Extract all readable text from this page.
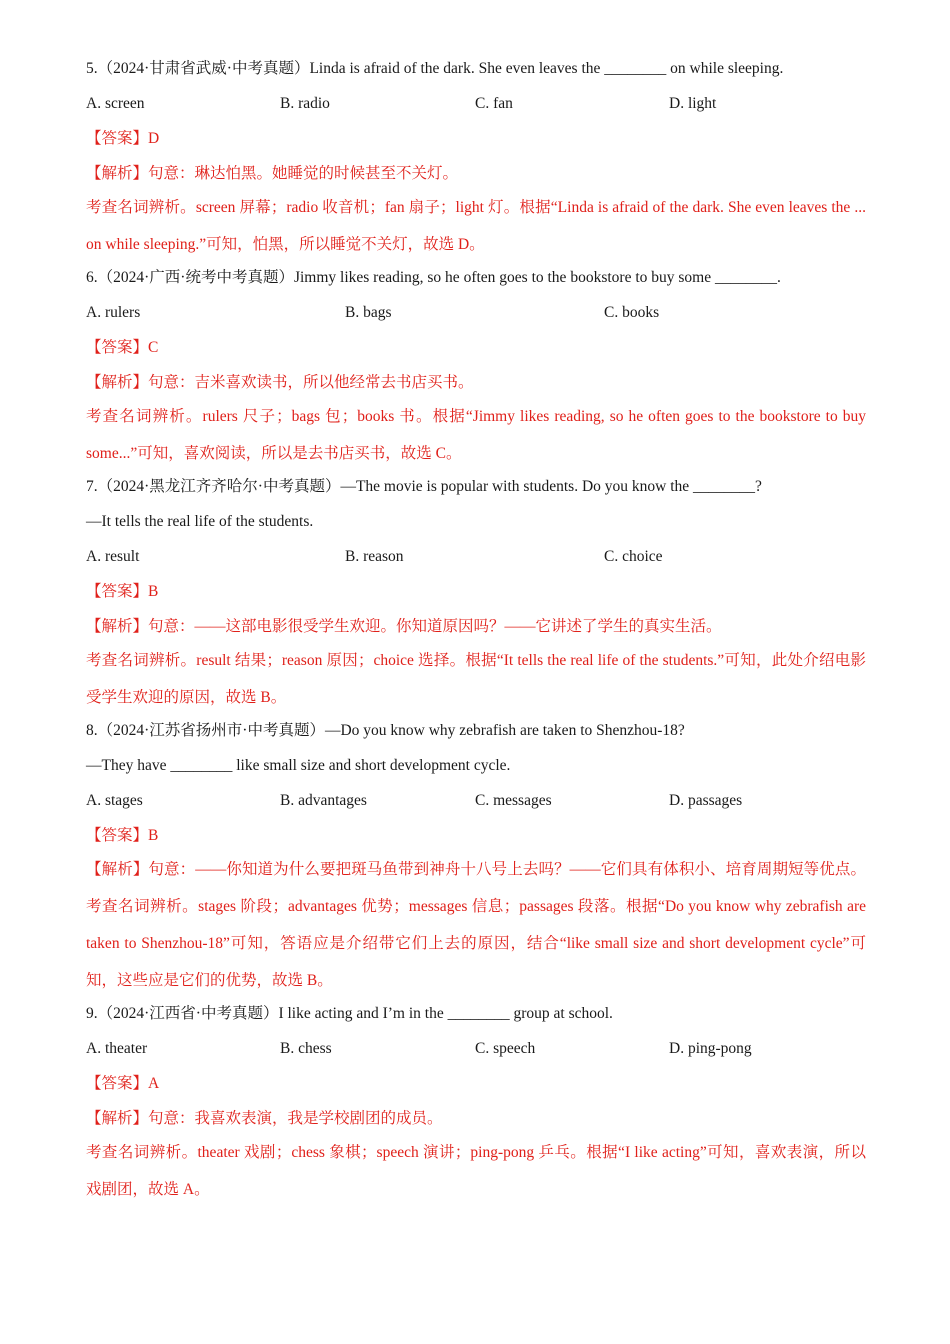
5.（2024·甘肃省武威·中考真题）Linda is afraid of the dark. She even leaves the ________ on while sleeping.
A. screen	B. radio	C. fan	D. light
【答案】D

【解析】句意：琳达怕黑。她睡觉的时候甚至不关灯。

考查名词辨析。screen 屏幕；radio 收音机；fan 扇子；light 灯。根据“Linda is afraid of the dark. She even leaves the ... on while sleeping.”可知，怕黑，所以睡觉不关灯，故选 D。

6.（2024·广西·统考中考真题）Jimmy likes reading, so he often goes to the bookstore to buy some ________.
A. rulers	B. bags	C. books
【答案】C

【解析】句意：吉米喜欢读书，所以他经常去书店买书。

考查名词辨析。rulers 尺子；bags 包；books 书。根据“Jimmy likes reading, so he often goes to the bookstore to buy some...”可知，喜欢阅读，所以是去书店买书，故选 C。

7.（2024·黑龙江齐齐哈尔·中考真题）—The movie is popular with students. Do you know the ________?
—It tells the real life of the students.
A. result	B. reason	C. choice
【答案】B

【解析】句意：——这部电影很受学生欢迎。你知道原因吗？——它讲述了学生的真实生活。

考查名词辨析。result 结果；reason 原因；choice 选择。根据“It tells the real life of the students.”可知，此处介绍电影受学生欢迎的原因，故选 B。

8.（2024·江苏省扬州市·中考真题）—Do you know why zebrafish are taken to Shenzhou-18?
—They have ________ like small size and short development cycle.
A. stages	B. advantages	C. messages	D. passages
【答案】B

【解析】句意：——你知道为什么要把斑马鱼带到神舟十八号上去吗？——它们具有体积小、培育周期短等优点。考查名词辨析。stages 阶段；advantages 优势；messages 信息；passages 段落。根据“Do you know why zebrafish are taken to Shenzhou-18”可知，答语应是介绍带它们上去的原因，结合“like small size and short development cycle”可知，这些应是它们的优势，故选 B。

9.（2024·江西省·中考真题）I like acting and I’m in the ________ group at school.
A. theater	B. chess	C. speech	D. ping-pong
【答案】A

【解析】句意：我喜欢表演，我是学校剧团的成员。

考查名词辨析。theater 戏剧；chess 象棋；speech 演讲；ping-pong 乒乓。根据“I like acting”可知，喜欢表演，所以 戏剧团，故选 A。
